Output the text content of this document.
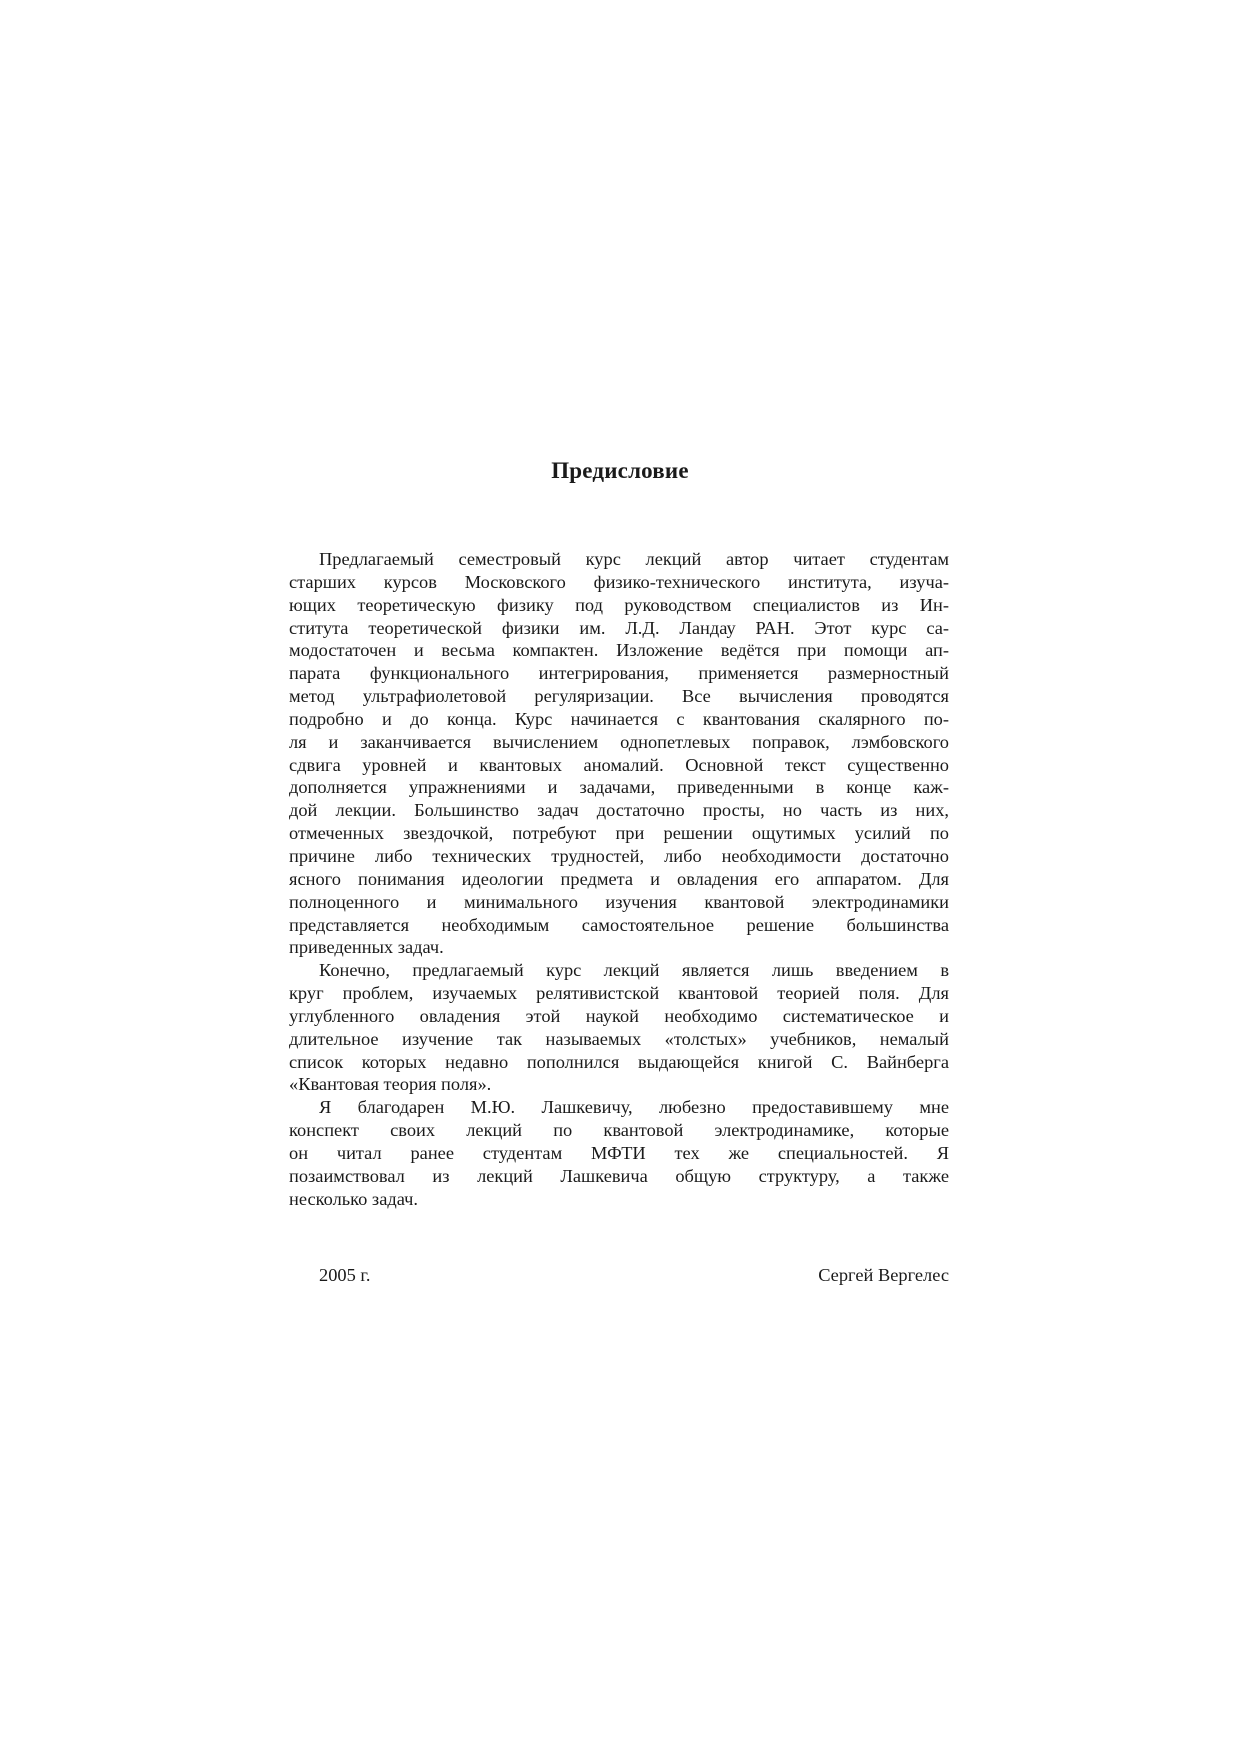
Предисловие
Предлагаемый семестровый курс лекций автор читает студентам
старших курсов Московского физико-технического института, изуча-
ющих теоретическую физику под руководством специалистов из Ин-
ститута теоретической физики им. Л.Д. Ландау РАН. Этот курс са-
модостаточен и весьма компактен. Изложение ведётся при помощи ап-
парата функционального интегрирования, применяется размерностный
метод ультрафиолетовой регуляризации. Все вычисления проводятся
подробно и до конца. Курс начинается с квантования скалярного по-
ля и заканчивается вычислением однопетлевых поправок, лэмбовского
сдвига уровней и квантовых аномалий. Основной текст существенно
дополняется упражнениями и задачами, приведенными в конце каж-
дой лекции. Большинство задач достаточно просты, но часть из них,
отмеченных звездочкой, потребуют при решении ощутимых усилий по
причине либо технических трудностей, либо необходимости достаточно
ясного понимания идеологии предмета и овладения его аппаратом. Для
полноценного и минимального изучения квантовой электродинамики
представляется необходимым самостоятельное решение большинства
приведенных задач.
Конечно, предлагаемый курс лекций является лишь введением в
круг проблем, изучаемых релятивистской квантовой теорией поля. Для
углубленного овладения этой наукой необходимо систематическое и
длительное изучение так называемых «толстых» учебников, немалый
список которых недавно пополнился выдающейся книгой С. Вайнберга
«Квантовая теория поля».
Я благодарен М.Ю. Лашкевичу, любезно предоставившему мне
конспект своих лекций по квантовой электродинамике, которые
он читал ранее студентам МФТИ тех же специальностей. Я
позаимствовал из лекций Лашкевича общую структуру, а также
несколько задач.
2005 г.	Сергей Вергелес
